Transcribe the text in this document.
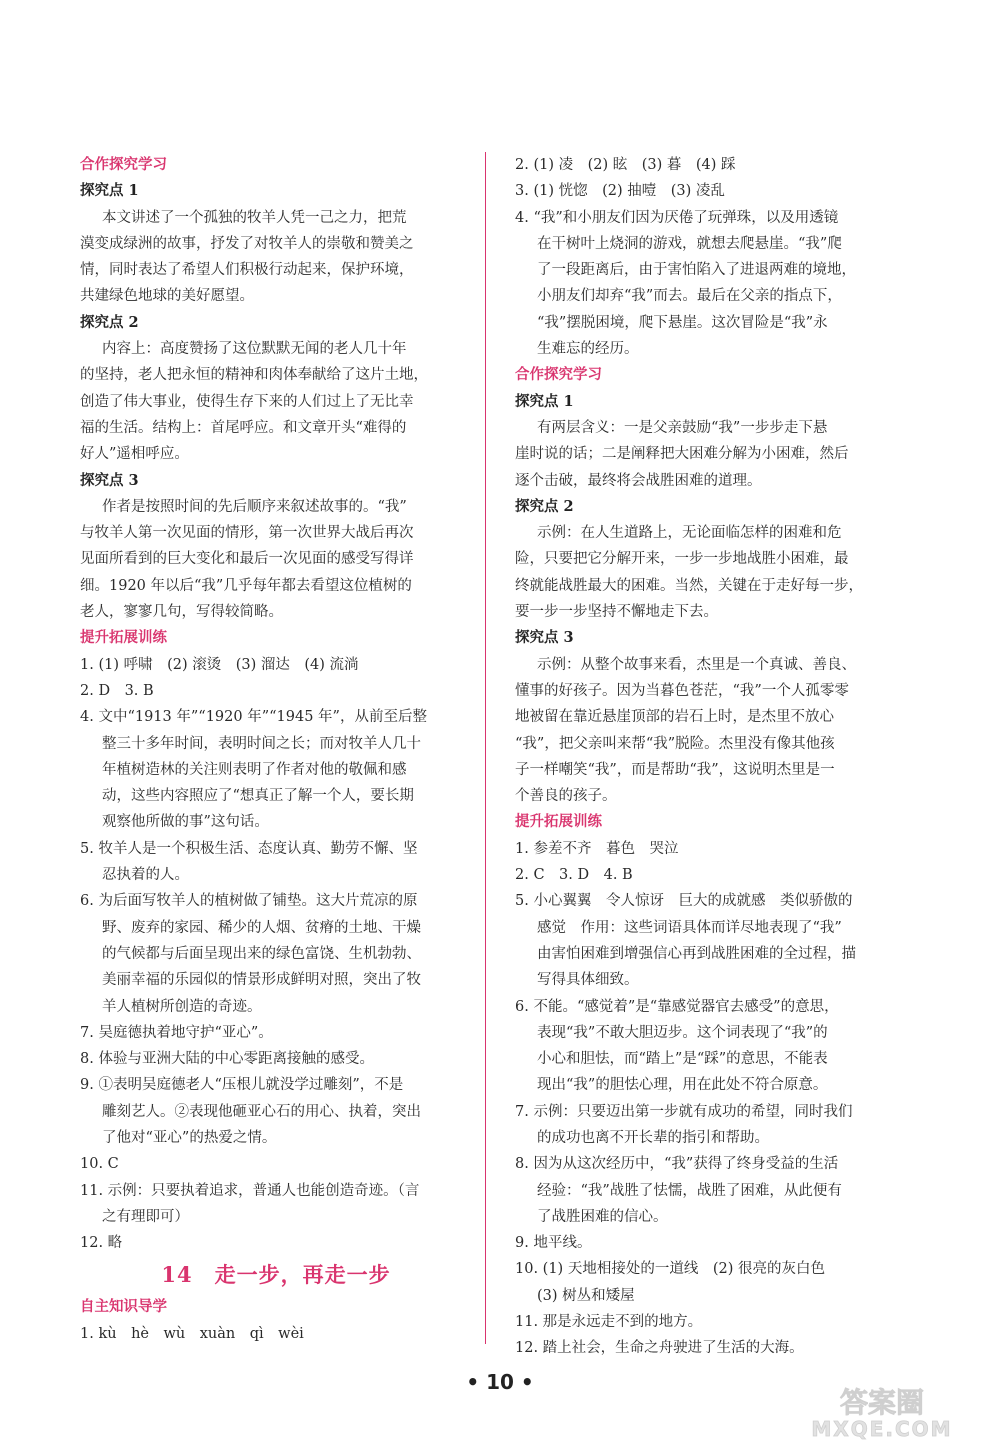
合作探究学习
探究点 1
本文讲述了一个孤独的牧羊人凭一己之力，把荒
漠变成绿洲的故事，抒发了对牧羊人的崇敬和赞美之
情，同时表达了希望人们积极行动起来，保护环境，
共建绿色地球的美好愿望。
探究点 2
内容上：高度赞扬了这位默默无闻的老人几十年
的坚持，老人把永恒的精神和肉体奉献给了这片土地，
创造了伟大事业，使得生存下来的人们过上了无比幸
福的生活。结构上：首尾呼应。和文章开头“难得的
好人”遥相呼应。
探究点 3
作者是按照时间的先后顺序来叙述故事的。“我”
与牧羊人第一次见面的情形，第一次世界大战后再次
见面所看到的巨大变化和最后一次见面的感受写得详
细。1920 年以后“我”几乎每年都去看望这位植树的
老人，寥寥几句，写得较简略。
提升拓展训练
1. (1) 呼啸　(2) 滚烫　(3) 溜达　(4) 流淌
2. D　3. B
4. 文中“1913 年”“1920 年”“1945 年”，从前至后整
整三十多年时间，表明时间之长；而对牧羊人几十
年植树造林的关注则表明了作者对他的敬佩和感
动，这些内容照应了“想真正了解一个人，要长期
观察他所做的事”这句话。
5. 牧羊人是一个积极生活、态度认真、勤劳不懈、坚
忍执着的人。
6. 为后面写牧羊人的植树做了铺垫。这大片荒凉的原
野、废弃的家园、稀少的人烟、贫瘠的土地、干燥
的气候都与后面呈现出来的绿色富饶、生机勃勃、
美丽幸福的乐园似的情景形成鲜明对照，突出了牧
羊人植树所创造的奇迹。
7. 吴庭德执着地守护“亚心”。
8. 体验与亚洲大陆的中心零距离接触的感受。
9. ①表明吴庭德老人“压根儿就没学过雕刻”，不是
雕刻艺人。②表现他砸亚心石的用心、执着，突出
了他对“亚心”的热爱之情。
10. C
11. 示例：只要执着追求，普通人也能创造奇迹。（言
之有理即可）
12. 略
14　走一步，再走一步
自主知识导学
1. kù　hè　wù　xuàn　qì　wèi
2. (1) 凌　(2) 眩　(3) 暮　(4) 踩
3. (1) 恍惚　(2) 抽噎　(3) 凌乱
4. “我”和小朋友们因为厌倦了玩弹珠，以及用透镜
在干树叶上烧洞的游戏，就想去爬悬崖。“我”爬
了一段距离后，由于害怕陷入了进退两难的境地，
小朋友们却弃“我”而去。最后在父亲的指点下，
“我”摆脱困境，爬下悬崖。这次冒险是“我”永
生难忘的经历。
合作探究学习
探究点 1
有两层含义：一是父亲鼓励“我”一步步走下悬
崖时说的话；二是阐释把大困难分解为小困难，然后
逐个击破，最终将会战胜困难的道理。
探究点 2
示例：在人生道路上，无论面临怎样的困难和危
险，只要把它分解开来，一步一步地战胜小困难，最
终就能战胜最大的困难。当然，关键在于走好每一步，
要一步一步坚持不懈地走下去。
探究点 3
示例：从整个故事来看，杰里是一个真诚、善良、
懂事的好孩子。因为当暮色苍茫，“我”一个人孤零零
地被留在靠近悬崖顶部的岩石上时，是杰里不放心
“我”，把父亲叫来帮“我”脱险。杰里没有像其他孩
子一样嘲笑“我”，而是帮助“我”，这说明杰里是一
个善良的孩子。
提升拓展训练
1. 参差不齐　暮色　哭泣
2. C　3. D　4. B
5. 小心翼翼　令人惊讶　巨大的成就感　类似骄傲的
感觉　作用：这些词语具体而详尽地表现了“我”
由害怕困难到增强信心再到战胜困难的全过程，描
写得具体细致。
6. 不能。“感觉着”是“靠感觉器官去感受”的意思，
表现“我”不敢大胆迈步。这个词表现了“我”的
小心和胆怯，而“踏上”是“踩”的意思，不能表
现出“我”的胆怯心理，用在此处不符合原意。
7. 示例：只要迈出第一步就有成功的希望，同时我们
的成功也离不开长辈的指引和帮助。
8. 因为从这次经历中，“我”获得了终身受益的生活
经验：“我”战胜了怯懦，战胜了困难，从此便有
了战胜困难的信心。
9. 地平线。
10. (1) 天地相接处的一道线　(2) 很亮的灰白色
(3) 树丛和矮屋
11. 那是永远走不到的地方。
12. 踏上社会，生命之舟驶进了生活的大海。
• 10 •
答案圈
MXQE.COM
